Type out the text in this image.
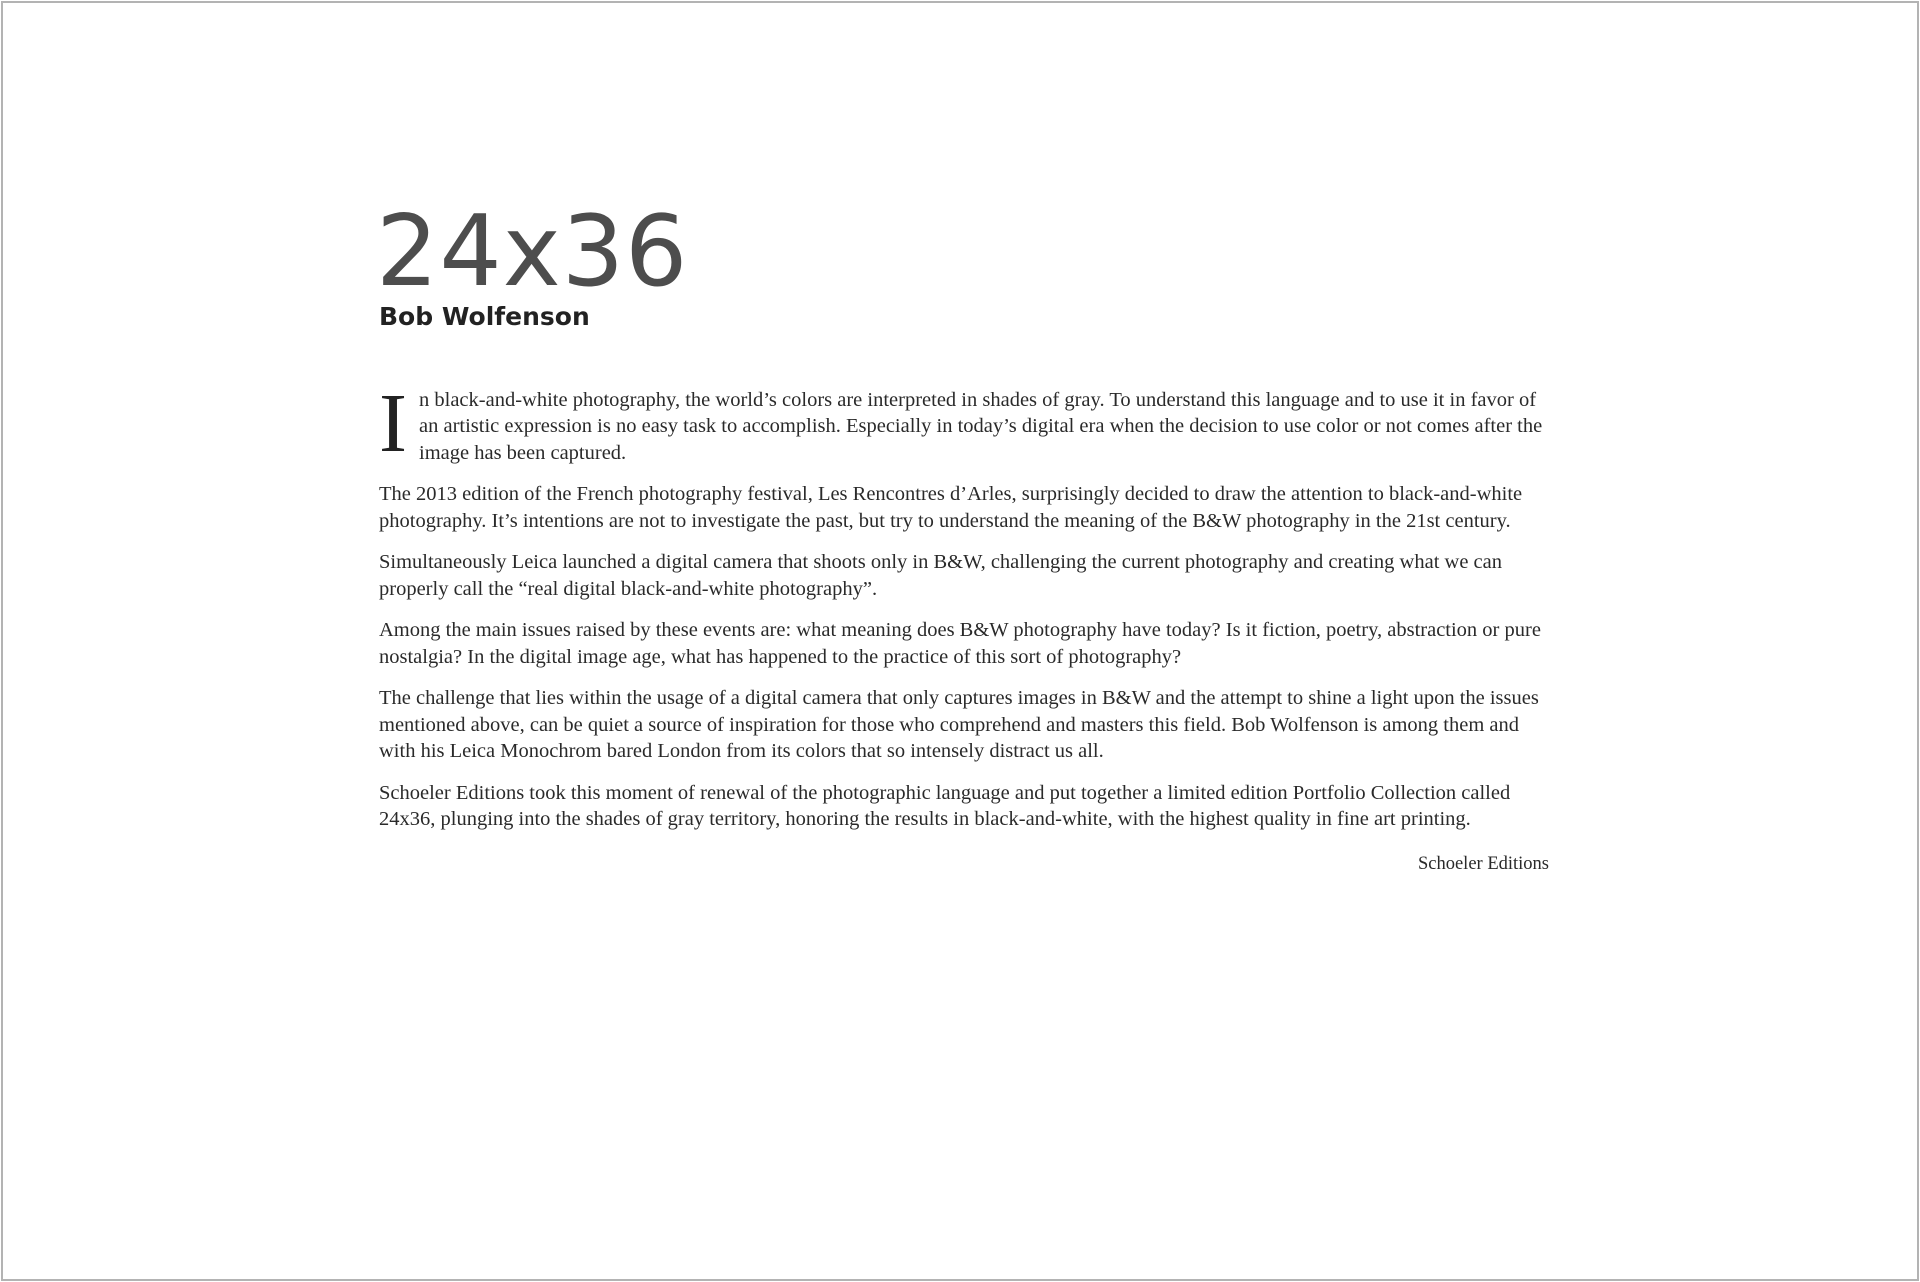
24x36
Bob Wolfenson

I n black-and-white photography, the world’s colors are interpreted in shades of gray. To understand this language and to use it in favor of an artistic expression is no easy task to accomplish. Especially in today’s digital era when the decision to use color or not comes after the image has been captured.

The 2013 edition of the French photography festival, Les Rencontres d’Arles, surprisingly decided to draw the attention to black-and-white photography. It’s intentions are not to investigate the past, but try to understand the meaning of the B&W photography in the 21st century.

Simultaneously Leica launched a digital camera that shoots only in B&W, challenging the current photography and creating what we can properly call the “real digital black-and-white photography”.

Among the main issues raised by these events are: what meaning does B&W photography have today? Is it fiction, poetry, abstraction or pure nostalgia? In the digital image age, what has happened to the practice of this sort of photography?

The challenge that lies within the usage of a digital camera that only captures images in B&W and the attempt to shine a light upon the issues mentioned above, can be quiet a source of inspiration for those who comprehend and masters this field. Bob Wolfenson is among them and with his Leica Monochrom bared London from its colors that so intensely distract us all.

Schoeler Editions took this moment of renewal of the photographic language and put together a limited edition Portfolio Collection called 24x36, plunging into the shades of gray territory, honoring the results in black-and-white, with the highest quality in fine art printing.

Schoeler Editions
